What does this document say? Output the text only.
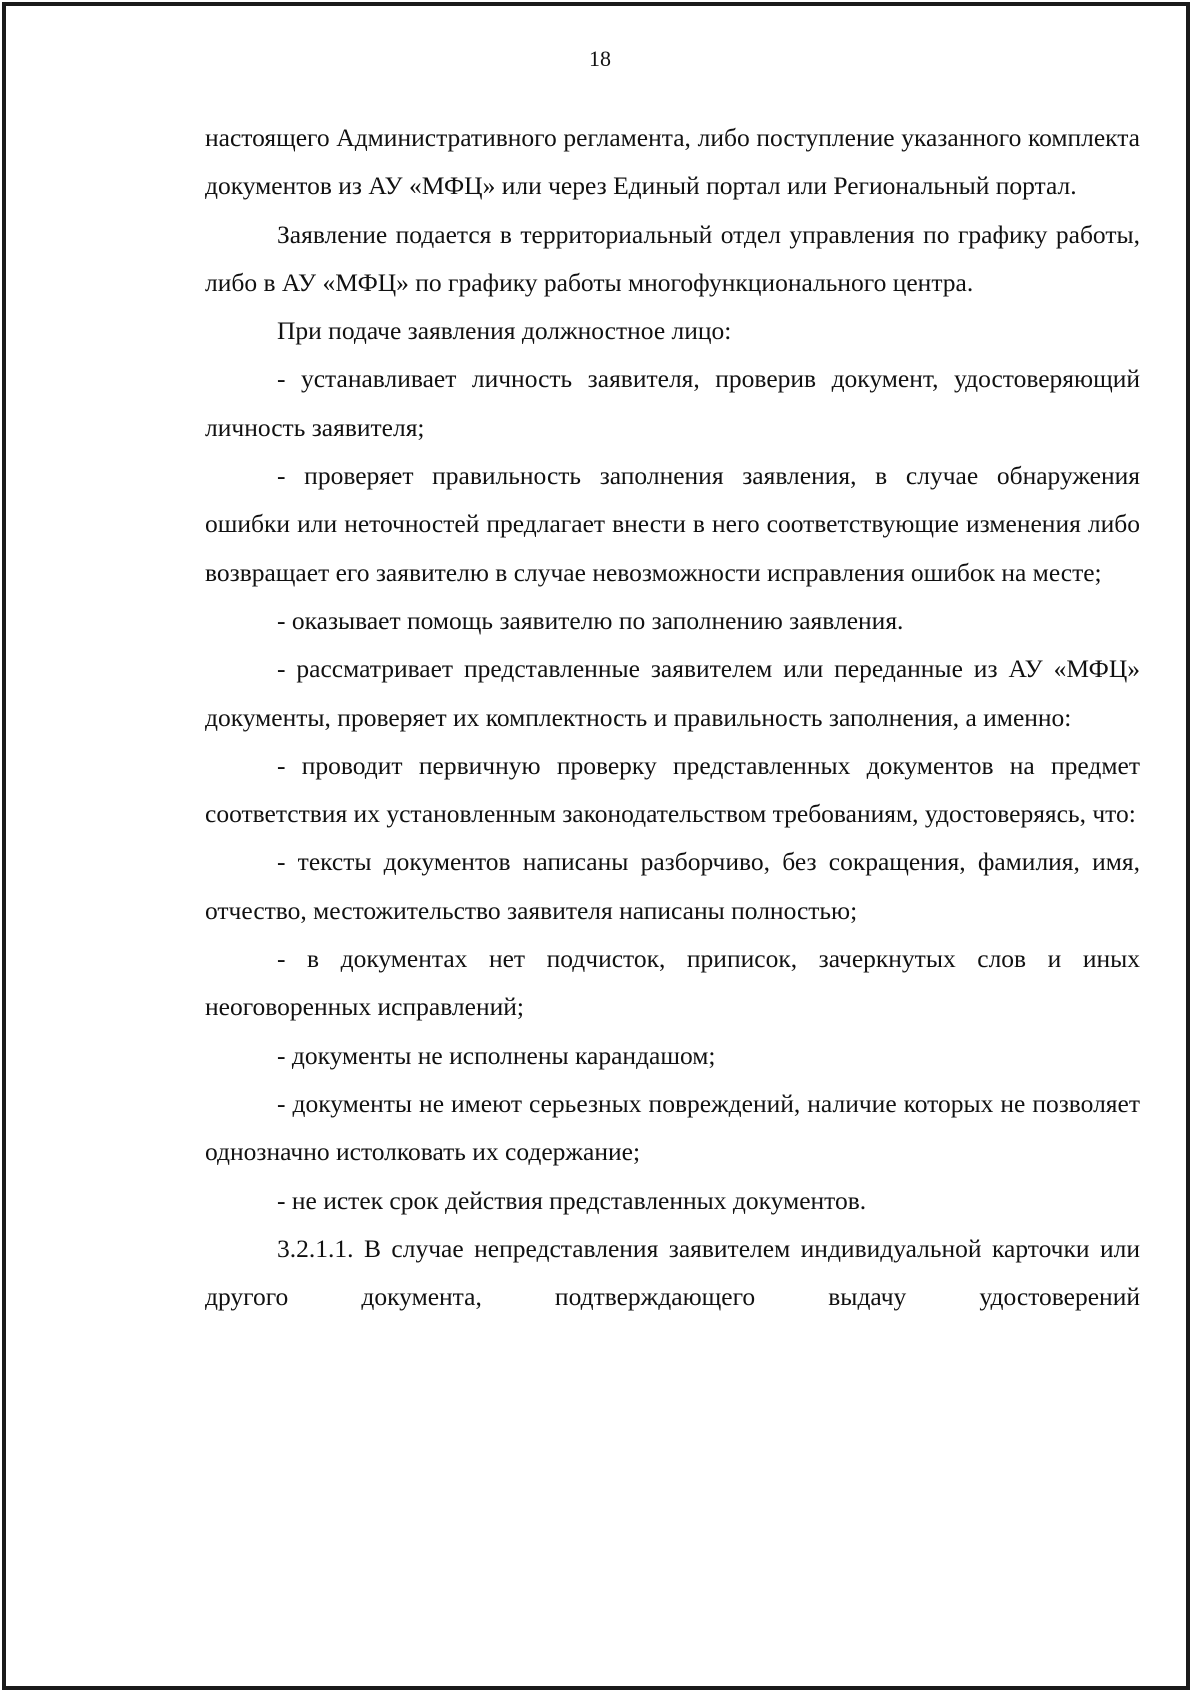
18

настоящего Административного регламента, либо поступление указанного комплекта документов из АУ «МФЦ» или через Единый портал или Региональный портал.

Заявление подается в территориальный отдел управления по графику работы, либо в АУ «МФЦ» по графику работы многофункционального центра.

При подаче заявления должностное лицо:

- устанавливает личность заявителя, проверив документ, удостоверяющий личность заявителя;

- проверяет правильность заполнения заявления, в случае обнаружения ошибки или неточностей предлагает внести в него соответствующие изменения либо возвращает его заявителю в случае невозможности исправления ошибок на месте;

- оказывает помощь заявителю по заполнению заявления.

- рассматривает представленные заявителем или переданные из АУ «МФЦ» документы, проверяет их комплектность и правильность заполнения, а именно:

- проводит первичную проверку представленных документов на предмет соответствия их установленным законодательством требованиям, удостоверяясь, что:

- тексты документов написаны разборчиво, без сокращения, фамилия, имя, отчество, местожительство заявителя написаны полностью;

- в документах нет подчисток, приписок, зачеркнутых слов и иных неоговоренных исправлений;

- документы не исполнены карандашом;

- документы не имеют серьезных повреждений, наличие которых не позволяет однозначно истолковать их содержание;

- не истек срок действия представленных документов.

3.2.1.1. В случае непредставления заявителем индивидуальной карточки или другого документа, подтверждающего выдачу удостоверений
